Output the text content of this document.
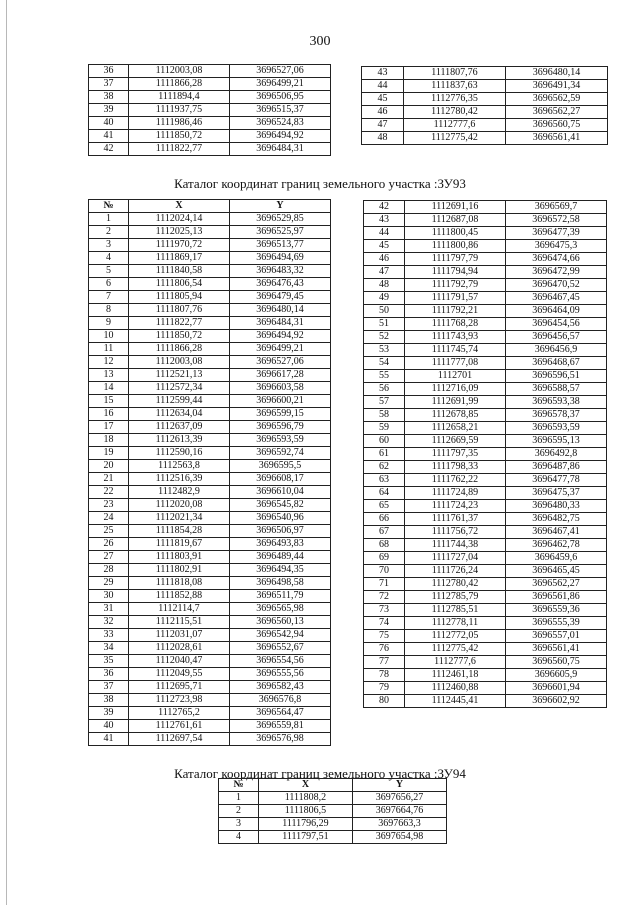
300
36	1112003,08	3696527,06
37	1111866,28	3696499,21
38	1111894,4	3696506,95
39	1111937,75	3696515,37
40	1111986,46	3696524,83
41	1111850,72	3696494,92
42	1111822,77	3696484,31
43	1111807,76	3696480,14
44	1111837,63	3696491,34
45	1112776,35	3696562,59
46	1112780,42	3696562,27
47	1112777,6	3696560,75
48	1112775,42	3696561,41
Каталог координат границ земельного участка :ЗУ93
№	X	Y
1	1112024,14	3696529,85
2	1112025,13	3696525,97
3	1111970,72	3696513,77
4	1111869,17	3696494,69
5	1111840,58	3696483,32
6	1111806,54	3696476,43
7	1111805,94	3696479,45
8	1111807,76	3696480,14
9	1111822,77	3696484,31
10	1111850,72	3696494,92
11	1111866,28	3696499,21
12	1112003,08	3696527,06
13	1112521,13	3696617,28
14	1112572,34	3696603,58
15	1112599,44	3696600,21
16	1112634,04	3696599,15
17	1112637,09	3696596,79
18	1112613,39	3696593,59
19	1112590,16	3696592,74
20	1112563,8	3696595,5
21	1112516,39	3696608,17
22	1112482,9	3696610,04
23	1112020,08	3696545,82
24	1112021,34	3696540,96
25	1111854,28	3696506,97
26	1111819,67	3696493,83
27	1111803,91	3696489,44
28	1111802,91	3696494,35
29	1111818,08	3696498,58
30	1111852,88	3696511,79
31	1112114,7	3696565,98
32	1112115,51	3696560,13
33	1112031,07	3696542,94
34	1112028,61	3696552,67
35	1112040,47	3696554,56
36	1112049,55	3696555,56
37	1112695,71	3696582,43
38	1112723,98	3696576,8
39	1112765,2	3696564,47
40	1112761,61	3696559,81
41	1112697,54	3696576,98
42	1112691,16	3696569,7
43	1112687,08	3696572,58
44	1111800,45	3696477,39
45	1111800,86	3696475,3
46	1111797,79	3696474,66
47	1111794,94	3696472,99
48	1111792,79	3696470,52
49	1111791,57	3696467,45
50	1111792,21	3696464,09
51	1111768,28	3696454,56
52	1111743,93	3696456,57
53	1111745,74	3696456,9
54	1111777,08	3696468,67
55	1112701	3696596,51
56	1112716,09	3696588,57
57	1112691,99	3696593,38
58	1112678,85	3696578,37
59	1112658,21	3696593,59
60	1112669,59	3696595,13
61	1111797,35	3696492,8
62	1111798,33	3696487,86
63	1111762,22	3696477,78
64	1111724,89	3696475,37
65	1111724,23	3696480,33
66	1111761,37	3696482,75
67	1111756,72	3696467,41
68	1111744,38	3696462,78
69	1111727,04	3696459,6
70	1111726,24	3696465,45
71	1112780,42	3696562,27
72	1112785,79	3696561,86
73	1112785,51	3696559,36
74	1112778,11	3696555,39
75	1112772,05	3696557,01
76	1112775,42	3696561,41
77	1112777,6	3696560,75
78	1112461,18	3696605,9
79	1112460,88	3696601,94
80	1112445,41	3696602,92
Каталог координат границ земельного участка :ЗУ94
№	X	Y
1	1111808,2	3697656,27
2	1111806,5	3697664,76
3	1111796,29	3697663,3
4	1111797,51	3697654,98
